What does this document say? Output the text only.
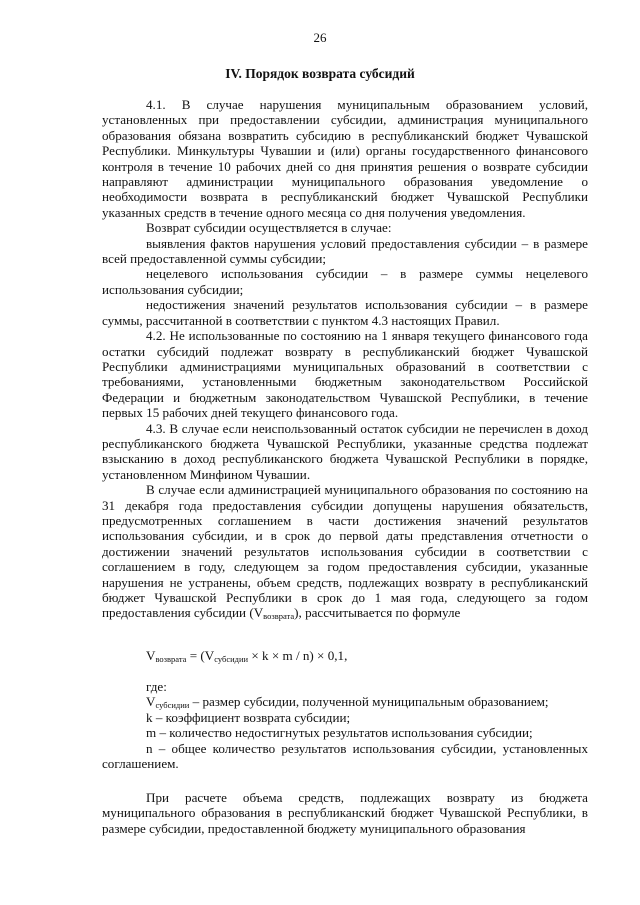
26
IV. Порядок возврата субсидий

4.1. В случае нарушения муниципальным образованием условий, установленных при предоставлении субсидии, администрация муниципального образования обязана возвратить субсидию в республиканский бюджет Чувашской Республики. Минкультуры Чувашии и (или) органы государственного финансового контроля в течение 10 рабочих дней со дня принятия решения о возврате субсидии направляют администрации муниципального образования уведомление о необходимости возврата в республиканский бюджет Чувашской Республики указанных средств в течение одного месяца со дня получения уведомления.

Возврат субсидии осуществляется в случае:

выявления фактов нарушения условий предоставления субсидии – в размере всей предоставленной суммы субсидии;

нецелевого использования субсидии – в размере суммы нецелевого использования субсидии;

недостижения значений результатов использования субсидии – в размере суммы, рассчитанной в соответствии с пунктом 4.3 настоящих Правил.

4.2. Не использованные по состоянию на 1 января текущего финансового года остатки субсидий подлежат возврату в республиканский бюджет Чувашской Республики администрациями муниципальных образований в соответствии с требованиями, установленными бюджетным законодательством Российской Федерации и бюджетным законодательством Чувашской Республики, в течение первых 15 рабочих дней текущего финансового года.

4.3. В случае если неиспользованный остаток субсидии не перечислен в доход республиканского бюджета Чувашской Республики, указанные средства подлежат взысканию в доход республиканского бюджета Чувашской Республики в порядке, установленном Минфином Чувашии.

В случае если администрацией муниципального образования по состоянию на 31 декабря года предоставления субсидии допущены нарушения обязательств, предусмотренных соглашением в части достижения значений результатов использования субсидии, и в срок до первой даты представления отчетности о достижении значений результатов использования субсидии в соответствии с соглашением в году, следующем за годом предоставления субсидии, указанные нарушения не устранены, объем средств, подлежащих возврату в республиканский бюджет Чувашской Республики в срок до 1 мая года, следующего за годом предоставления субсидии $(V_{возврата})$, рассчитывается по формуле

$V_{возврата} = (V_{субсидии} \times k \times m / n) \times 0,1$,

где:

$V_{субсидии}$ – размер субсидии, полученной муниципальным образованием;

k – коэффициент возврата субсидии;

m – количество недостигнутых результатов использования субсидии;

n – общее количество результатов использования субсидии, установленных соглашением.

При расчете объема средств, подлежащих возврату из бюджета муниципального образования в республиканский бюджет Чувашской Республики, в размере субсидии, предоставленной бюджету муниципального образования
